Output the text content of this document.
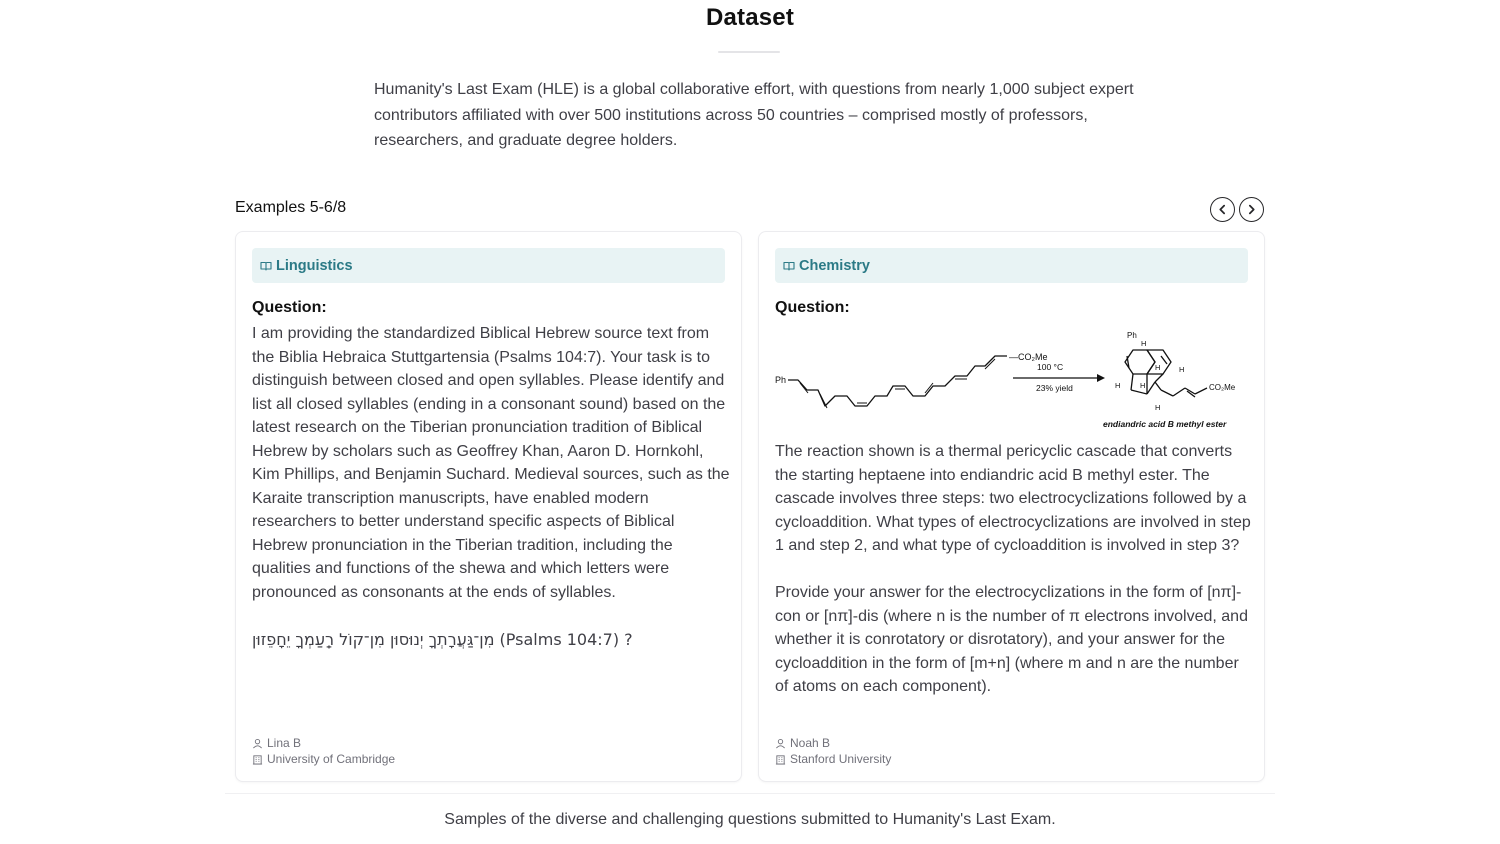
Dataset

Humanity's Last Exam (HLE) is a global collaborative effort, with questions from nearly 1,000 subject expert contributors affiliated with over 500 institutions across 50 countries – comprised mostly of professors, researchers, and graduate degree holders.

Examples 5-6/8
Linguistics
Question:

I am providing the standardized Biblical Hebrew source text from the Biblia Hebraica Stuttgartensia (Psalms 104:7). Your task is to distinguish between closed and open syllables. Please identify and list all closed syllables (ending in a consonant sound) based on the latest research on the Tiberian pronunciation tradition of Biblical Hebrew by scholars such as Geoffrey Khan, Aaron D. Hornkohl, Kim Phillips, and Benjamin Suchard. Medieval sources, such as the Karaite transcription manuscripts, have enabled modern researchers to better understand specific aspects of Biblical Hebrew pronunciation in the Tiberian tradition, including the qualities and functions of the shewa and which letters were pronounced as consonants at the ends of syllables.

מִן־גַּעֲרָתְךָ יְנוּסוּן מִן־קוֹל רַֽעַמְךָ יֵחָפֵזוּן (Psalms 104:7) ?

Lina B
University of Cambridge
Chemistry
Question:
Ph
—CO₂Me
100 °C
23% yield
Ph
H
H	H
H H
H
CO₂Me
endiandric acid B methyl ester

The reaction shown is a thermal pericyclic cascade that converts the starting heptaene into endiandric acid B methyl ester. The cascade involves three steps: two electrocyclizations followed by a cycloaddition. What types of electrocyclizations are involved in step 1 and step 2, and what type of cycloaddition is involved in step 3?

Provide your answer for the electrocyclizations in the form of [nπ]-con or [nπ]-dis (where n is the number of π electrons involved, and whether it is conrotatory or disrotatory), and your answer for the cycloaddition in the form of [m+n] (where m and n are the number of atoms on each component).

Noah B
Stanford University

Samples of the diverse and challenging questions submitted to Humanity's Last Exam.
